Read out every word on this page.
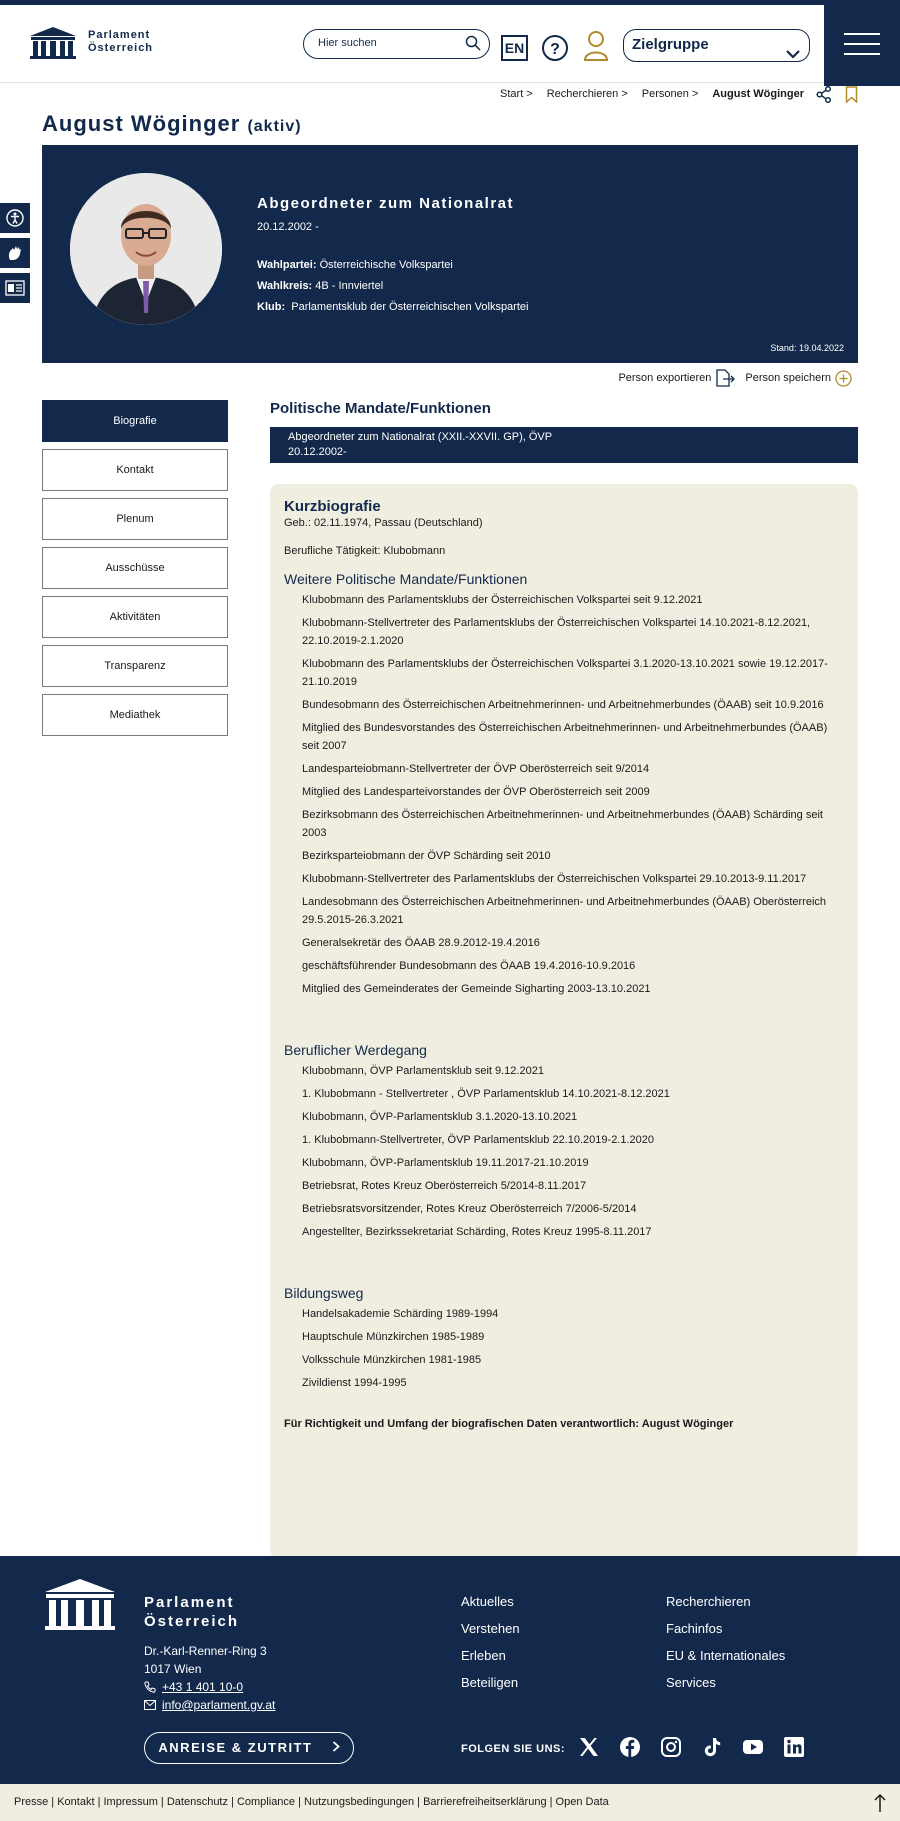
Parlament
Österreich
Hier suchen	EN ?	Zielgruppe
Start > Recherchieren > Personen > August Wöginger
August Wöginger (aktiv)
Abgeordneter zum Nationalrat
20.12.2002 -
Wahlpartei: Österreichische Volkspartei
Wahlkreis: 4B - Innviertel
Klub: Parlamentsklub der Österreichischen Volkspartei
Stand: 19.04.2022
Person exportieren	Person speichern
Biografie
Kontakt
Plenum
Ausschüsse
Aktivitäten
Transparenz
Mediathek
Politische Mandate/Funktionen
Abgeordneter zum Nationalrat (XXII.-XXVII. GP), ÖVP
20.12.2002-
Kurzbiografie
Geb.: 02.11.1974, Passau (Deutschland)
Berufliche Tätigkeit: Klubobmann
Weitere Politische Mandate/Funktionen
Klubobmann des Parlamentsklubs der Österreichischen Volkspartei seit 9.12.2021
Klubobmann-Stellvertreter des Parlamentsklubs der Österreichischen Volkspartei 14.10.2021-8.12.2021, 22.10.2019-2.1.2020
Klubobmann des Parlamentsklubs der Österreichischen Volkspartei 3.1.2020-13.10.2021 sowie 19.12.2017-21.10.2019
Bundesobmann des Österreichischen Arbeitnehmerinnen- und Arbeitnehmerbundes (ÖAAB) seit 10.9.2016
Mitglied des Bundesvorstandes des Österreichischen Arbeitnehmerinnen- und Arbeitnehmerbundes (ÖAAB) seit 2007
Landesparteiobmann-Stellvertreter der ÖVP Oberösterreich seit 9/2014
Mitglied des Landesparteivorstandes der ÖVP Oberösterreich seit 2009
Bezirksobmann des Österreichischen Arbeitnehmerinnen- und Arbeitnehmerbundes (ÖAAB) Schärding seit 2003
Bezirksparteiobmann der ÖVP Schärding seit 2010
Klubobmann-Stellvertreter des Parlamentsklubs der Österreichischen Volkspartei 29.10.2013-9.11.2017
Landesobmann des Österreichischen Arbeitnehmerinnen- und Arbeitnehmerbundes (ÖAAB) Oberösterreich 29.5.2015-26.3.2021
Generalsekretär des ÖAAB 28.9.2012-19.4.2016
geschäftsführender Bundesobmann des ÖAAB 19.4.2016-10.9.2016
Mitglied des Gemeinderates der Gemeinde Sigharting 2003-13.10.2021
Beruflicher Werdegang
Klubobmann, ÖVP Parlamentsklub seit 9.12.2021
1. Klubobmann - Stellvertreter , ÖVP Parlamentsklub 14.10.2021-8.12.2021
Klubobmann, ÖVP-Parlamentsklub 3.1.2020-13.10.2021
1. Klubobmann-Stellvertreter, ÖVP Parlamentsklub 22.10.2019-2.1.2020
Klubobmann, ÖVP-Parlamentsklub 19.11.2017-21.10.2019
Betriebsrat, Rotes Kreuz Oberösterreich 5/2014-8.11.2017
Betriebsratsvorsitzender, Rotes Kreuz Oberösterreich 7/2006-5/2014
Angestellter, Bezirkssekretariat Schärding, Rotes Kreuz 1995-8.11.2017
Bildungsweg
Handelsakademie Schärding 1989-1994
Hauptschule Münzkirchen 1985-1989
Volksschule Münzkirchen 1981-1985
Zivildienst 1994-1995
Für Richtigkeit und Umfang der biografischen Daten verantwortlich: August Wöginger
Parlament
Österreich
Dr.-Karl-Renner-Ring 3
1017 Wien
+43 1 401 10-0
info@parlament.gv.at
ANREISE & ZUTRITT
Aktuelles
Verstehen
Erleben
Beteiligen
Recherchieren
Fachinfos
EU & Internationales
Services
FOLGEN SIE UNS:
Presse | Kontakt | Impressum | Datenschutz | Compliance | Nutzungsbedingungen | Barrierefreiheitserklärung | Open Data
